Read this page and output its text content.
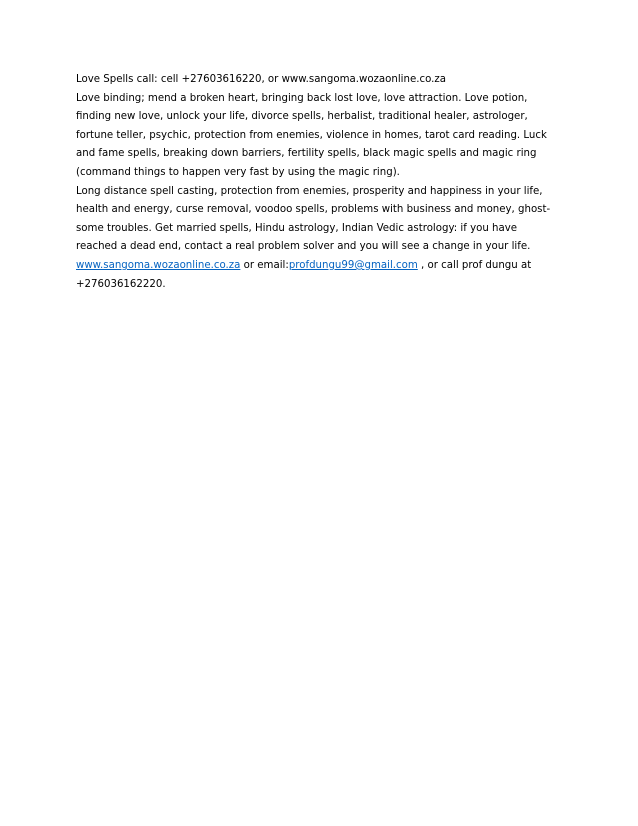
Love Spells call: cell +27603616220, or www.sangoma.wozaonline.co.za
Love binding; mend a broken heart, bringing back lost love, love attraction. Love potion,
finding new love, unlock your life, divorce spells, herbalist, traditional healer, astrologer,
fortune teller, psychic, protection from enemies, violence in homes, tarot card reading. Luck
and fame spells, breaking down barriers, fertility spells, black magic spells and magic ring
(command things to happen very fast by using the magic ring).
Long distance spell casting, protection from enemies, prosperity and happiness in your life,
health and energy, curse removal, voodoo spells, problems with business and money, ghost-
some troubles. Get married spells, Hindu astrology, Indian Vedic astrology: if you have
reached a dead end, contact a real problem solver and you will see a change in your life.
www.sangoma.wozaonline.co.za or email:profdungu99@gmail.com , or call prof dungu at
+276036162220.
